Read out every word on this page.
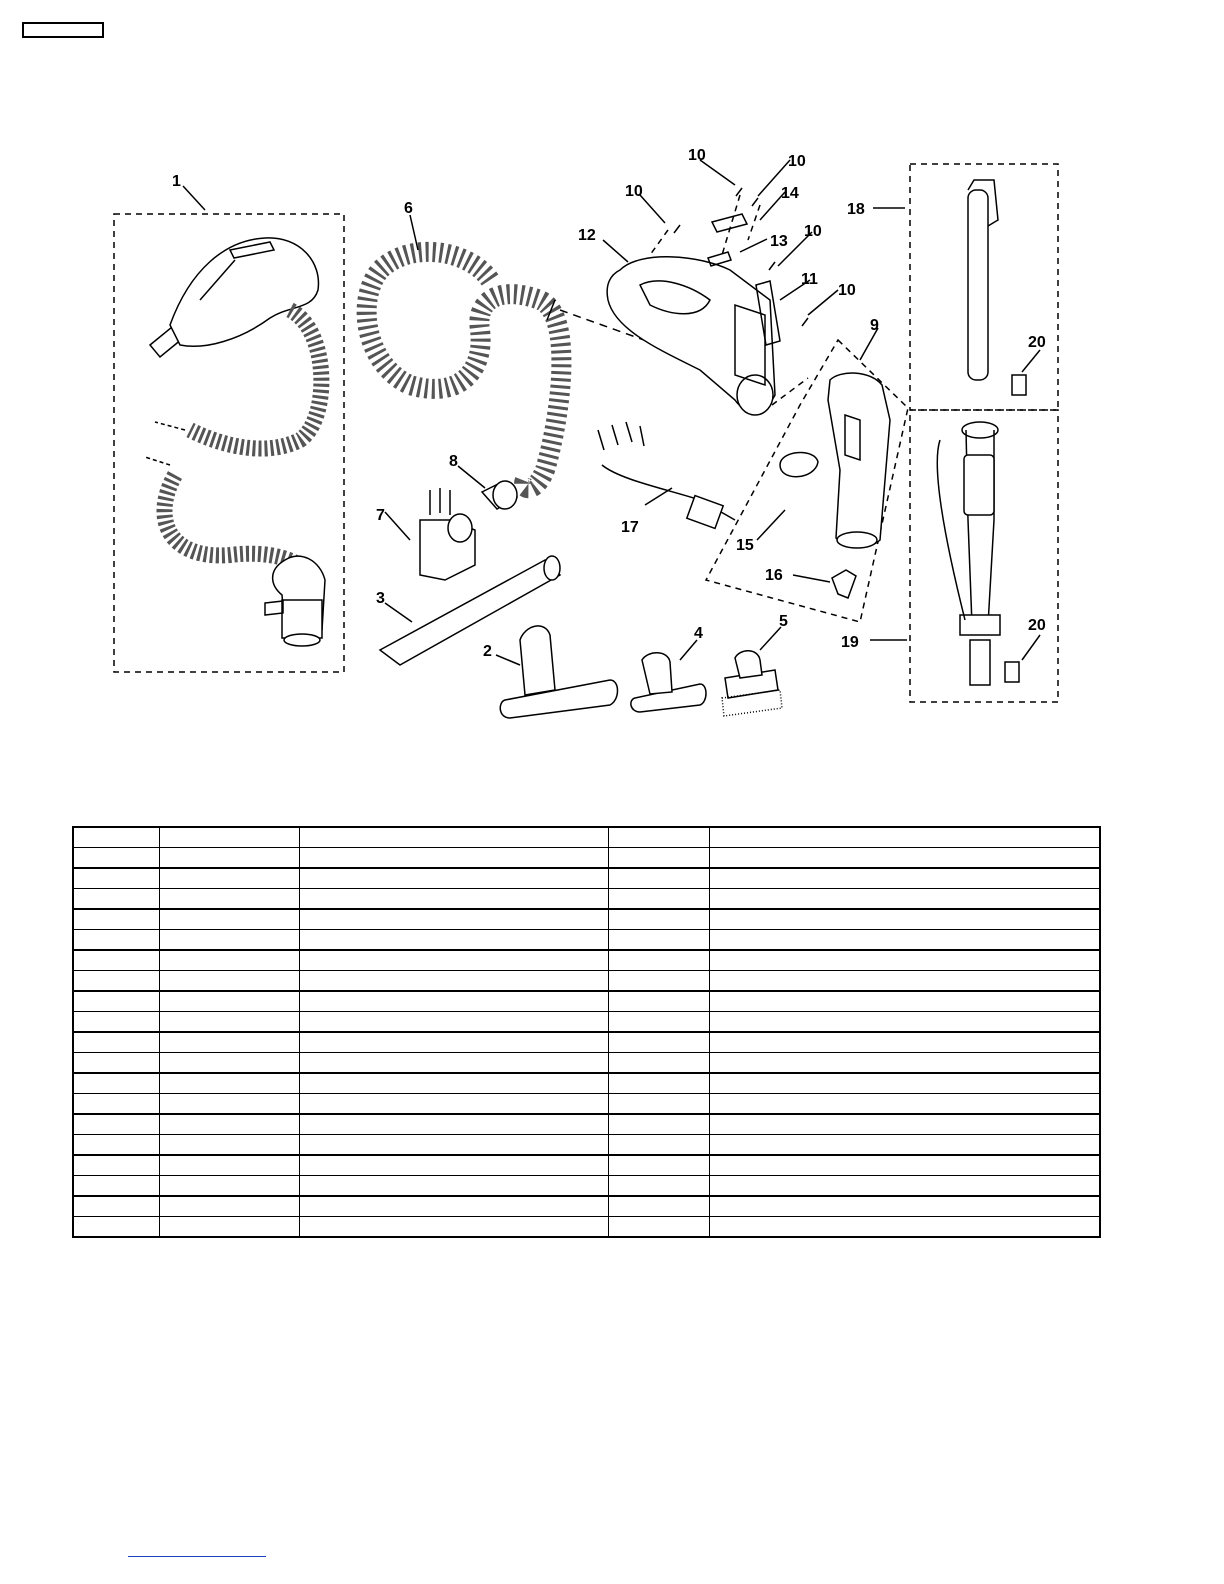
1
2
3
4
5
6
7
8
9
10	10
10
10
10
11
12	13
14
15
16
17
18
19
20
20
